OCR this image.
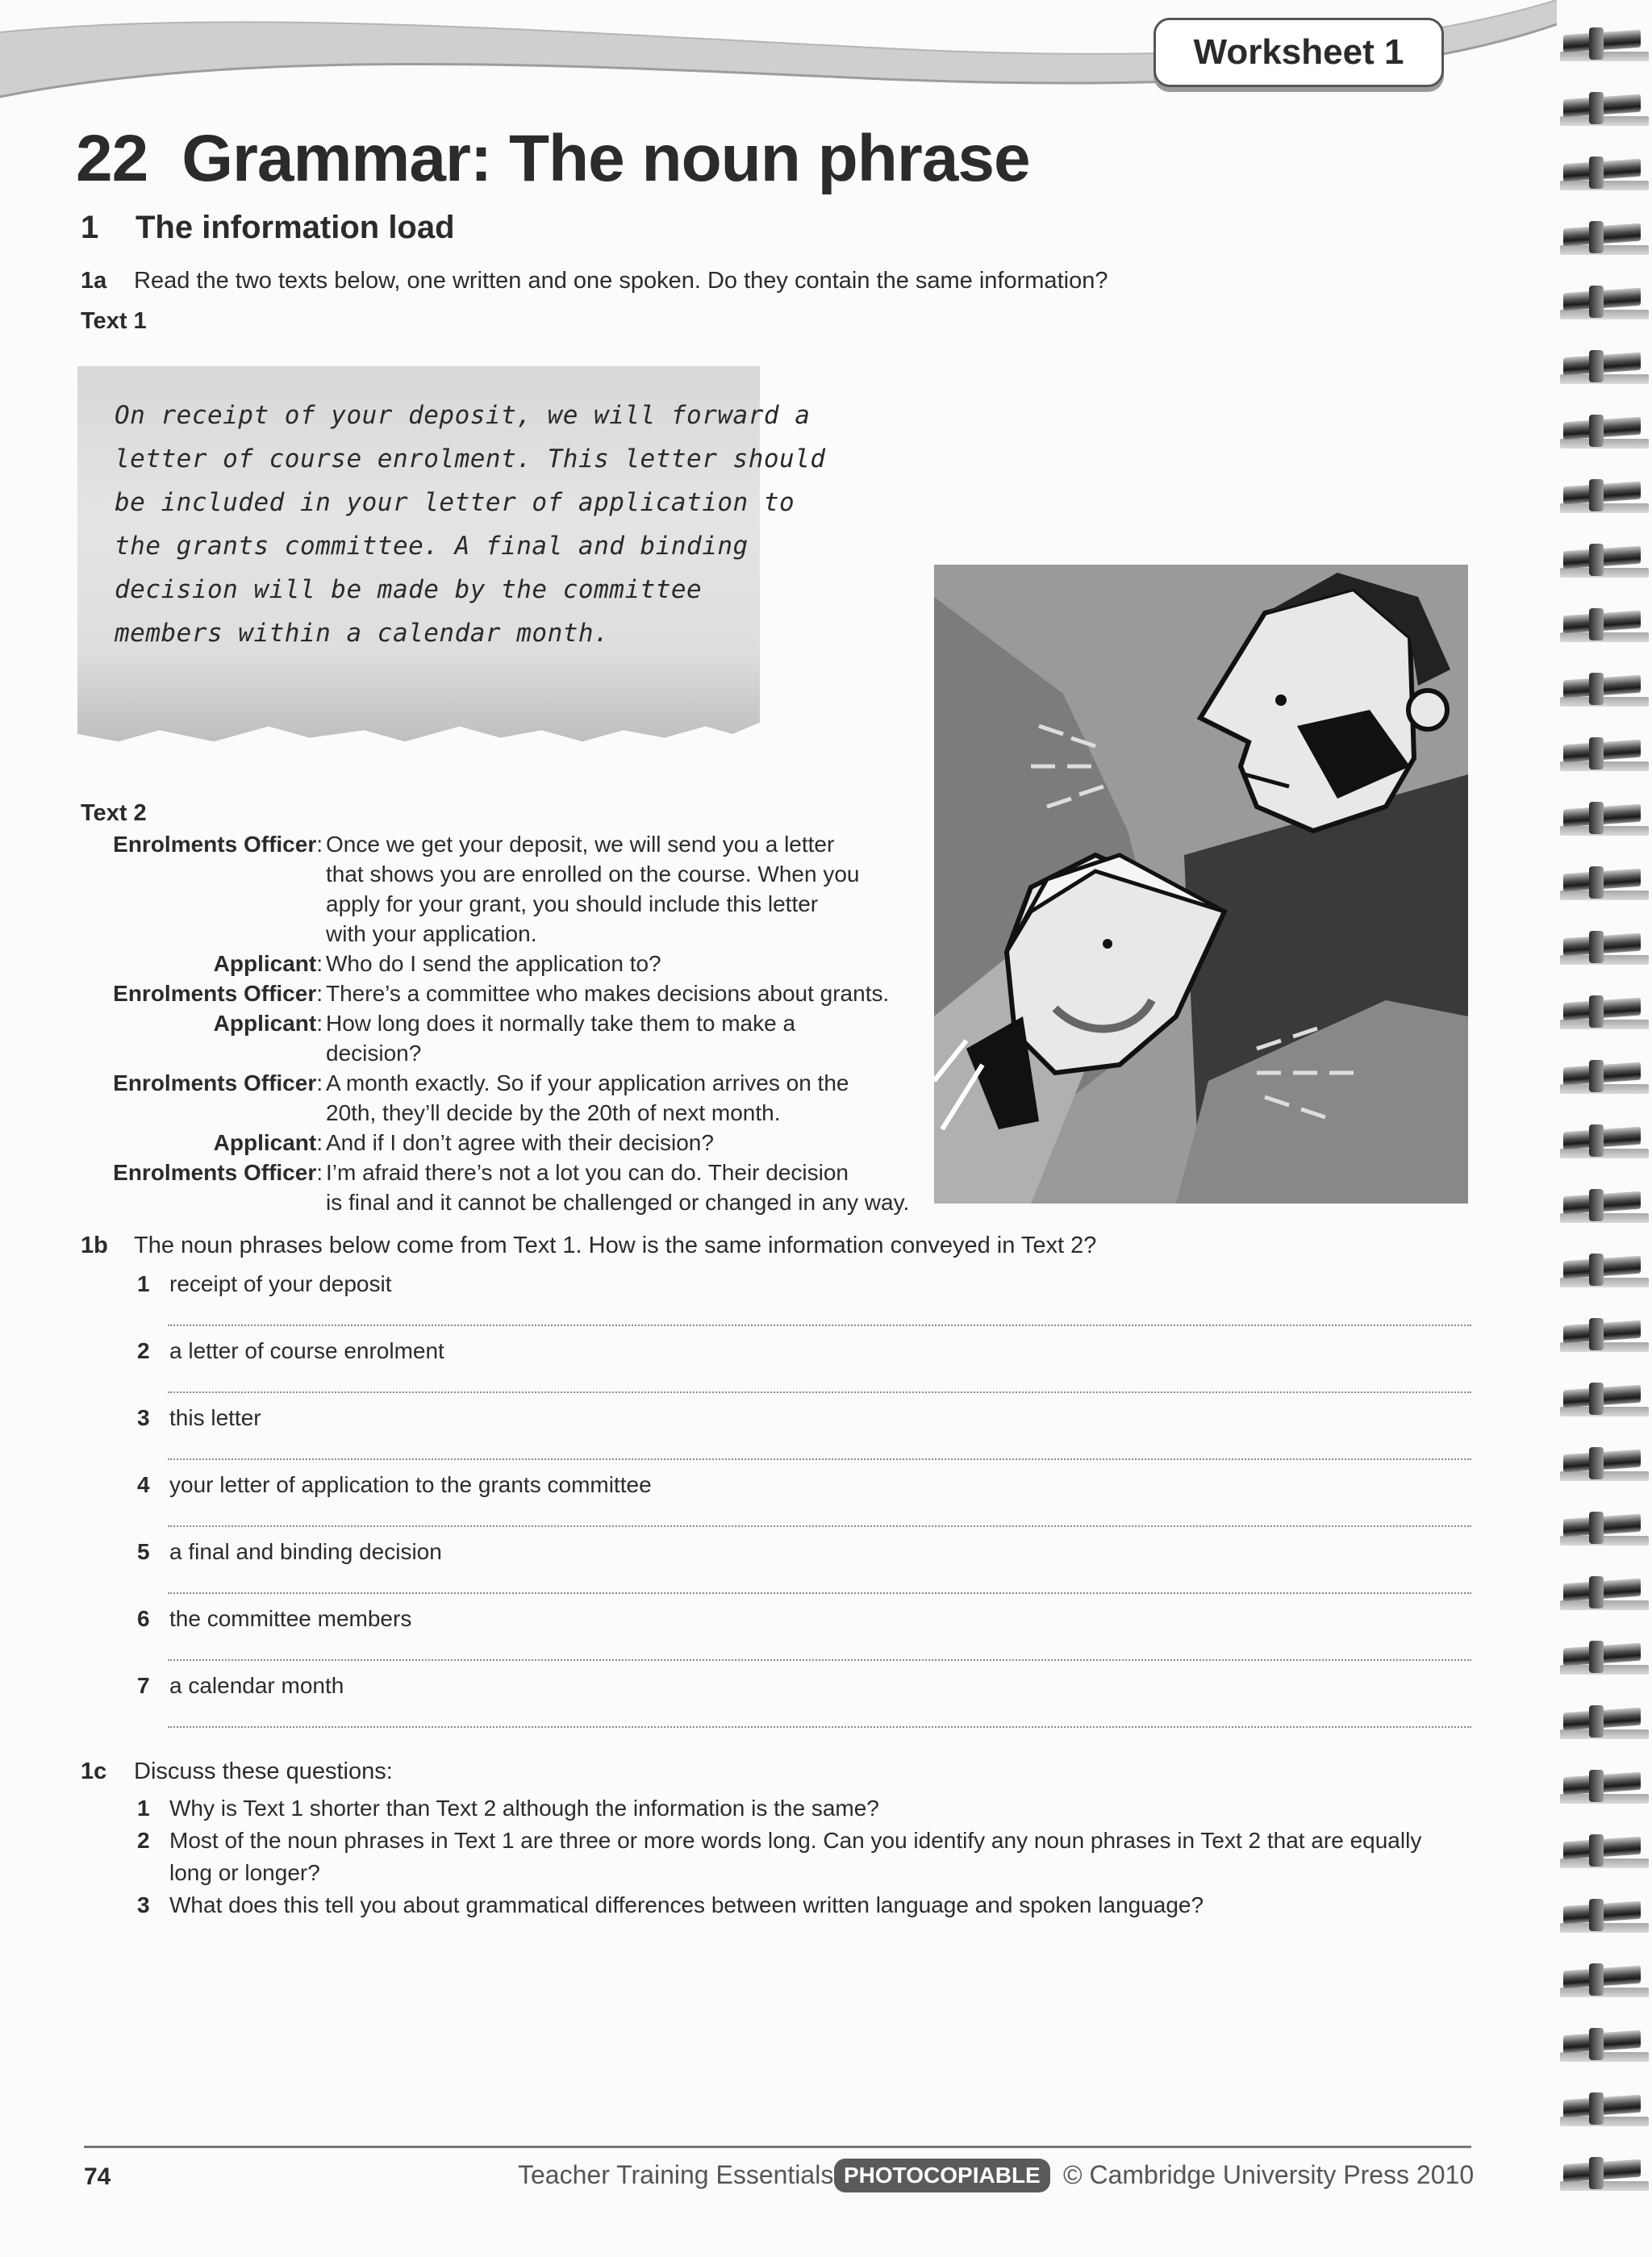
Worksheet 1
22 Grammar: The noun phrase
1 The information load
1a Read the two texts below, one written and one spoken. Do they contain the same information?
Text 1
On receipt of your deposit, we will forward a
letter of course enrolment. This letter should
be included in your letter of application to
the grants committee. A final and binding
decision will be made by the committee
members within a calendar month.
Text 2
Enrolments Officer: Once we get your deposit, we will send you a letter
that shows you are enrolled on the course. When you
apply for your grant, you should include this letter
with your application.
Applicant: Who do I send the application to?
Enrolments Officer: There’s a committee who makes decisions about grants.
Applicant: How long does it normally take them to make a
decision?
Enrolments Officer: A month exactly. So if your application arrives on the
20th, they’ll decide by the 20th of next month.
Applicant: And if I don’t agree with their decision?
Enrolments Officer: I’m afraid there’s not a lot you can do. Their decision
is final and it cannot be challenged or changed in any way.
1b The noun phrases below come from Text 1. How is the same information conveyed in Text 2?
1 receipt of your deposit
2 a letter of course enrolment
3 this letter
4 your letter of application to the grants committee
5 a final and binding decision
6 the committee members
7 a calendar month
1c Discuss these questions:
1 Why is Text 1 shorter than Text 2 although the information is the same?
2 Most of the noun phrases in Text 1 are three or more words long. Can you identify any noun phrases in Text 2 that are equally
long or longer?
3 What does this tell you about grammatical differences between written language and spoken language?
74	Teacher Training Essentials PHOTOCOPIABLE © Cambridge University Press 2010
